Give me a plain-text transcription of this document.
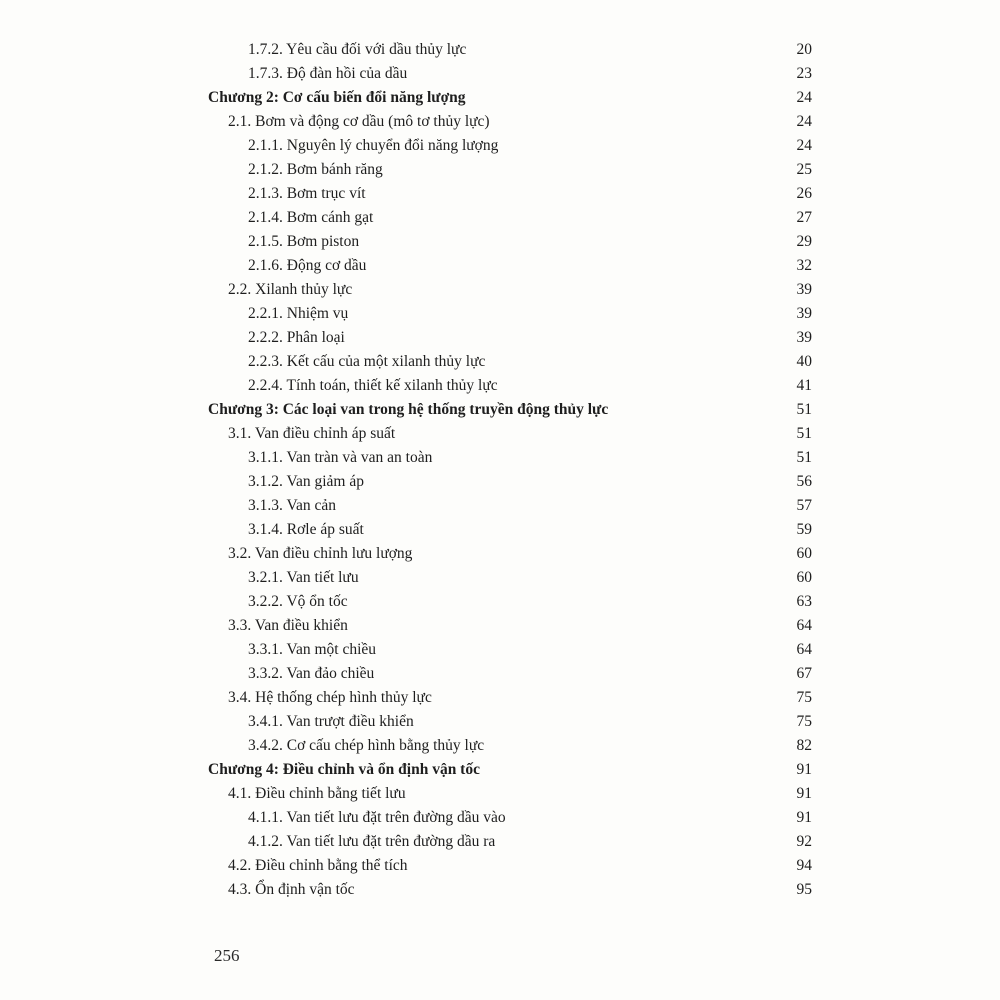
1.7.2. Yêu cầu đối với dầu thủy lực	20
1.7.3. Độ đàn hồi của dầu	23
Chương 2: Cơ cấu biến đổi năng lượng	24
2.1. Bơm và động cơ dầu (mô tơ thủy lực)	24
2.1.1. Nguyên lý chuyển đổi năng lượng	24
2.1.2. Bơm bánh răng	25
2.1.3. Bơm trục vít	26
2.1.4. Bơm cánh gạt	27
2.1.5. Bơm piston	29
2.1.6. Động cơ dầu	32
2.2. Xilanh thủy lực	39
2.2.1. Nhiệm vụ	39
2.2.2. Phân loại	39
2.2.3. Kết cấu của một xilanh thủy lực	40
2.2.4. Tính toán, thiết kế xilanh thủy lực	41
Chương 3: Các loại van trong hệ thống truyền động thủy lực	51
3.1. Van điều chỉnh áp suất	51
3.1.1. Van tràn và van an toàn	51
3.1.2. Van giảm áp	56
3.1.3. Van cản	57
3.1.4. Rơle áp suất	59
3.2. Van điều chỉnh lưu lượng	60
3.2.1. Van tiết lưu	60
3.2.2. Vộ ổn tốc	63
3.3. Van điều khiển	64
3.3.1. Van một chiều	64
3.3.2. Van đảo chiều	67
3.4. Hệ thống chép hình thủy lực	75
3.4.1. Van trượt điều khiển	75
3.4.2. Cơ cấu chép hình bằng thủy lực	82
Chương 4: Điều chỉnh và ổn định vận tốc	91
4.1. Điều chỉnh bằng tiết lưu	91
4.1.1. Van tiết lưu đặt trên đường dầu vào	91
4.1.2. Van tiết lưu đặt trên đường dầu ra	92
4.2. Điều chỉnh bằng thể tích	94
4.3. Ổn định vận tốc	95
256
